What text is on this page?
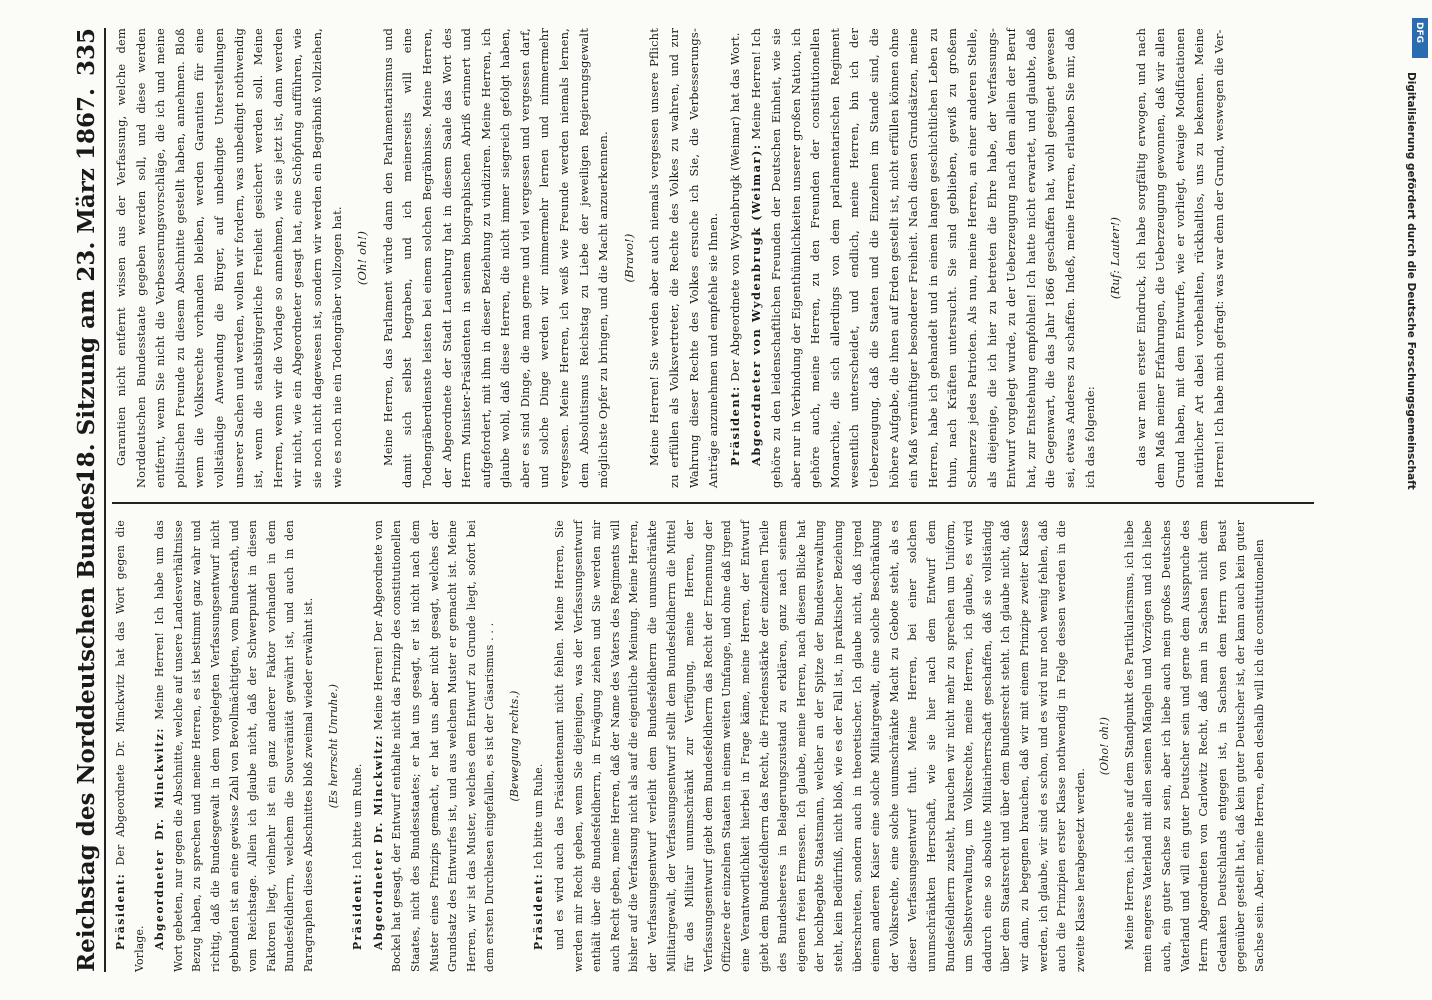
Reichstag des Norddeutschen Bundes.
18. Sitzung am 23. März 1867.
335

Präsident: Der Abgeordnete Dr. Minckwitz hat das Wort gegen die Vorlage. Abgeordneter Dr. Minckwitz: Meine Herren! Ich habe um das Wort gebeten, nur gegen die Abschnitte, welche auf unsere Landesverhältnisse Bezug haben, zu sprechen und meine Herren, es ist bestimmt ganz wahr und richtig, daß die Bundesgewalt in dem vorgelegten Verfassungsentwurf nicht gebunden ist an eine gewisse Zahl von Bevollmächtigten, vom Bundesrath, und vom Reichstage. Allein ich glaube nicht, daß der Schwerpunkt in diesen Faktoren liegt, vielmehr ist ein ganz anderer Faktor vorhanden in dem Bundesfeldherrn, welchem die Souveränität gewährt ist, und auch in den Paragraphen dieses Abschnittes bloß zweimal wieder erwähnt ist.	(Es herrscht Unruhe.)

Präsident: Ich bitte um Ruhe. Abgeordneter Dr. Minckwitz: Meine Herren! Der Abgeordnete von Bockel hat gesagt, der Entwurf enthalte nicht das Prinzip des constitutionellen Staates, nicht des Bundesstaates; er hat uns gesagt, er ist nicht nach dem Muster eines Prinzips gemacht, er hat uns aber nicht gesagt, welches der Grundsatz des Entwurfes ist, und aus welchem Muster er gemacht ist. Meine Herren, wir ist das Muster, welches dem Entwurf zu Grunde liegt, sofort bei dem ersten Durchlesen eingefallen, es ist der Cäsarismus . . .	(Bewegung rechts.)

Präsident: Ich bitte um Ruhe. und es wird auch das Präsidentenamt nicht fehlen. Meine Herren, Sie werden mir Recht geben, wenn Sie diejenigen, was der Verfassungsentwurf enthält über die Bundesfeldherrn, in Erwägung ziehen und Sie werden mir auch Recht geben, meine Herren, daß der Name des Vaters des Regiments will bisher auf die Verfassung nicht als auf die eigentliche Meinung. Meine Herren, der Verfassungsentwurf verleiht dem Bundesfeldherrn die unumschränkte Militairgewalt, der Verfassungsentwurf stellt dem Bundesfeldherrn die Mittel für das Militair unumschränkt zur Verfügung, meine Herren, der Verfassungsentwurf giebt dem Bundesfeldherrn das Recht der Ernennung der Offiziere der einzelnen Staaten in einem weiten Umfange, und ohne daß irgend eine Verantwortlichkeit hierbei in Frage käme, meine Herren, der Entwurf giebt dem Bundesfeldherrn das Recht, die Friedensstärke der einzelnen Theile des Bundesheeres in Belagerungszustand zu erklären, ganz nach seinem eigenen freien Ermessen. Ich glaube, meine Herren, nach diesem Blicke hat der hochbegabte Staatsmann, welcher an der Spitze der Bundesverwaltung steht, kein Bedürfniß, nicht bloß, wie es der Fall ist, in praktischer Beziehung überschreiten, sondern auch in theoretischer. Ich glaube nicht, daß irgend einem anderen Kaiser eine solche Militairgewalt, eine solche Beschränkung der Volksrechte, eine solche unumschränkte Macht zu Gebote steht, als es dieser Verfassungsentwurf thut. Meine Herren, bei einer solchen unumschränkten Herrschaft, wie sie hier nach dem Entwurf dem Bundesfeldherrn zusteht, brauchen wir nicht mehr zu sprechen um Uniform, um Selbstverwaltung, um Volksrechte, meine Herren, ich glaube, es wird dadurch eine so absolute Militairherrschaft geschaffen, daß sie vollständig über dem Staatsrecht und über dem Bundesrecht steht. Ich glaube nicht, daß wir dann, zu begegnen brauchen, daß wir mit einem Prinzipe zweiter Klasse werden, ich glaube, wir sind es schon, und es wird nur noch wenig fehlen, daß auch die Prinzipien erster Klasse nothwendig in Folge dessen werden in die zweite Klasse herabgesetzt werden.

(Oho! oh!)	Meine Herren, ich stehe auf dem Standpunkt des Partikularismus, ich liebe mein engeres Vaterland mit allen seinen Mängeln und Vorzügen und ich liebe auch, ein guter Sachse zu sein, aber ich liebe auch mein großes Deutsches Vaterland und will ein guter Deutscher sein und gerne dem Ausspruche des Herrn Abgeordneten von Carlowitz Recht, daß man in Sachsen nicht dem Gedanken Deutschlands entgegen ist, in Sachsen dem Herrn von Beust gegenüber gestellt hat, daß kein guter Deutscher ist, der kann auch kein guter Sachse sein. Aber, meine Herren, eben deshalb will ich die constitutionellen

Garantien nicht entfernt wissen aus der Verfassung, welche dem Norddeutschen Bundesstaate gegeben werden soll, und diese werden entfernt, wenn Sie nicht die Verbesserungsvorschläge, die ich und meine politischen Freunde zu diesem Abschnitte gestellt haben, annehmen. Bloß wenn die Volksrechte vorhanden bleiben, werden Garantien für eine vollständige Anwendung die Bürger, auf unbedingte Unterstellungen unserer Sachen und werden, wollen wir fordern, was unbedingt nothwendig ist, wenn die staatsbürgerliche Freiheit gesichert werden soll. Meine Herren, wenn wir die Vorlage so annehmen, wie sie jetzt ist, dann werden wir nicht, wie ein Abgeordneter gesagt hat, eine Schöpfung aufführen, wie sie noch nicht dagewesen ist, sondern wir werden ein Begräbniß vollziehen, wie es noch nie ein Todengräber vollzogen hat.	(Oh! oh!)	Meine Herren, das Parlament würde dann den Parlamentarismus und damit sich selbst begraben, und ich meinerseits will eine Todengräberdienste leisten bei einem solchen Begräbnisse. Meine Herren, der Abgeordnete der Stadt Lauenburg hat in diesem Saale das Wort des Herrn Minister-Präsidenten in seinem biographischen Abriß erinnert und aufgefordert, mit ihm in dieser Beziehung zu vindiziren. Meine Herren, ich glaube wohl, daß diese Herren, die nicht immer siegreich gefolgt haben, aber es sind Dinge, die man gerne und viel vergessen und vergessen darf, und solche Dinge werden wir nimmermehr lernen und nimmermehr vergessen. Meine Herren, ich weiß wie Freunde werden niemals lernen, dem Absolutismus Reichstag zu Liebe der jeweiligen Regierungsgewalt möglichste Opfer zu bringen, und die Macht anzuerkennen.	(Bravo!)	Meine Herren! Sie werden aber auch niemals vergessen unsere Pflicht zu erfüllen als Volksvertreter, die Rechte des Volkes zu wahren, und zur Wahrung dieser Rechte des Volkes ersuche ich Sie, die Verbesserungs-Anträge anzunehmen und empfehle sie Ihnen. Präsident: Der Abgeordnete von Wydenbrugk (Weimar) hat das Wort. Abgeordneter von Wydenbrugk (Weimar): Meine Herren! Ich gehöre zu den leidenschaftlichen Freunden der Deutschen Einheit, wie sie aber nur in Verbindung der Eigenthümlichkeiten unserer großen Nation, ich gehöre auch, meine Herren, zu den Freunden der constitutionellen Monarchie, die sich allerdings von dem parlamentarischen Regiment wesentlich unterscheidet, und endlich, meine Herren, bin ich der Ueberzeugung, daß die Staaten und die Einzelnen im Stande sind, die höhere Aufgabe, die ihnen auf Erden gestellt ist, nicht erfüllen können ohne ein Maß vernünftiger besonderer Freiheit. Nach diesen Grundsätzen, meine Herren, habe ich gehandelt und in einem langen geschichtlichen Leben zu thun, nach Kräften untersucht. Sie sind geblieben, gewiß zu großem Schmerze jedes Patrioten. Als nun, meine Herren, an einer anderen Stelle, als diejenige, die ich hier zu betreten die Ehre habe, der Verfassungs-Entwurf vorgelegt wurde, zu der Ueberzeugung nach dem allein der Beruf hat, zur Entstehung empfohlen! Ich hatte nicht erwartet, und glaubte, daß die Gegenwart, die das Jahr 1866 geschaffen hat, wohl geeignet gewesen sei, etwas Anderes zu schaffen. Indeß, meine Herren, erlauben Sie mir, daß ich das folgende:

(Ruf: Lauter!)	das war mein erster Eindruck, ich habe sorgfältig erwogen, und nach dem Maß meiner Erfahrungen, die Ueberzeugung gewonnen, daß wir allen Grund haben, mit dem Entwurfe, wie er vorliegt, etwaige Modificationen natürlicher Art dabei vorbehalten, rückhaltlos, uns zu bekennen. Meine Herren! Ich habe mich gefragt: was war denn der Grund, weswegen die Ver-	Digitalisierung gefördert durch die Deutsche Forschungsgemeinschaft
DFG
